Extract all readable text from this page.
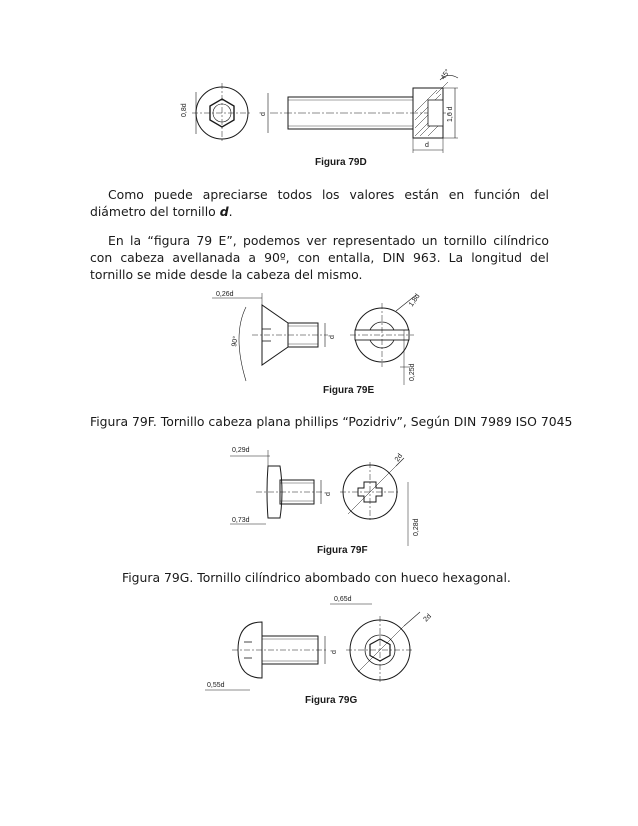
0,8d	d
45°
1,6 d
d
Figura 79D

Como puede apreciarse todos los valores están en función del diámetro del tornillo d.

En la “figura 79 E”, podemos ver representado un tornillo cilíndrico con cabeza avellanada a 90º, con entalla, DIN 963. La longitud del tornillo se mide desde la cabeza del mismo.

0,26d
90°	d
1,8d
0,25d
Figura 79E
Figura 79F. Tornillo cabeza plana phillips “Pozidriv”, Según DIN 7989 ISO 7045
0,29d
0,73d
d
2d
0,28d
Figura 79F
Figura 79G. Tornillo cilíndrico abombado con hueco hexagonal.
0,65d
d
2d
0,55d
Figura 79G
